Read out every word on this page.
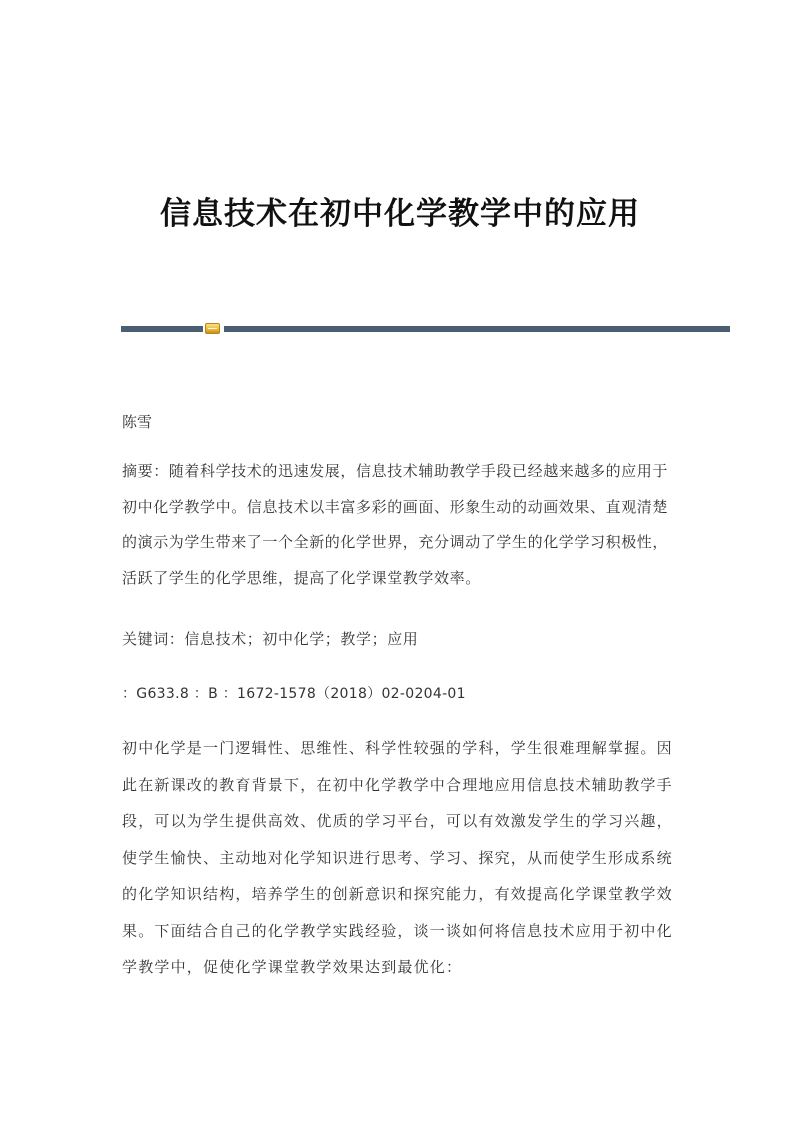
信息技术在初中化学教学中的应用
陈雪
摘要：随着科学技术的迅速发展，信息技术辅助教学手段已经越来越多的应用于初中化学教学中。信息技术以丰富多彩的画面、形象生动的动画效果、直观清楚的演示为学生带来了一个全新的化学世界，充分调动了学生的化学学习积极性，活跃了学生的化学思维，提高了化学课堂教学效率。
关键词：信息技术；初中化学；教学；应用
：G633.8 ：B ：1672-1578（2018）02-0204-01
初中化学是一门逻辑性、思维性、科学性较强的学科，学生很难理解掌握。因此在新课改的教育背景下，在初中化学教学中合理地应用信息技术辅助教学手段，可以为学生提供高效、优质的学习平台，可以有效激发学生的学习兴趣，使学生愉快、主动地对化学知识进行思考、学习、探究，从而使学生形成系统的化学知识结构，培养学生的创新意识和探究能力，有效提高化学课堂教学效果。下面结合自己的化学教学实践经验，谈一谈如何将信息技术应用于初中化学教学中，促使化学课堂教学效果达到最优化：
